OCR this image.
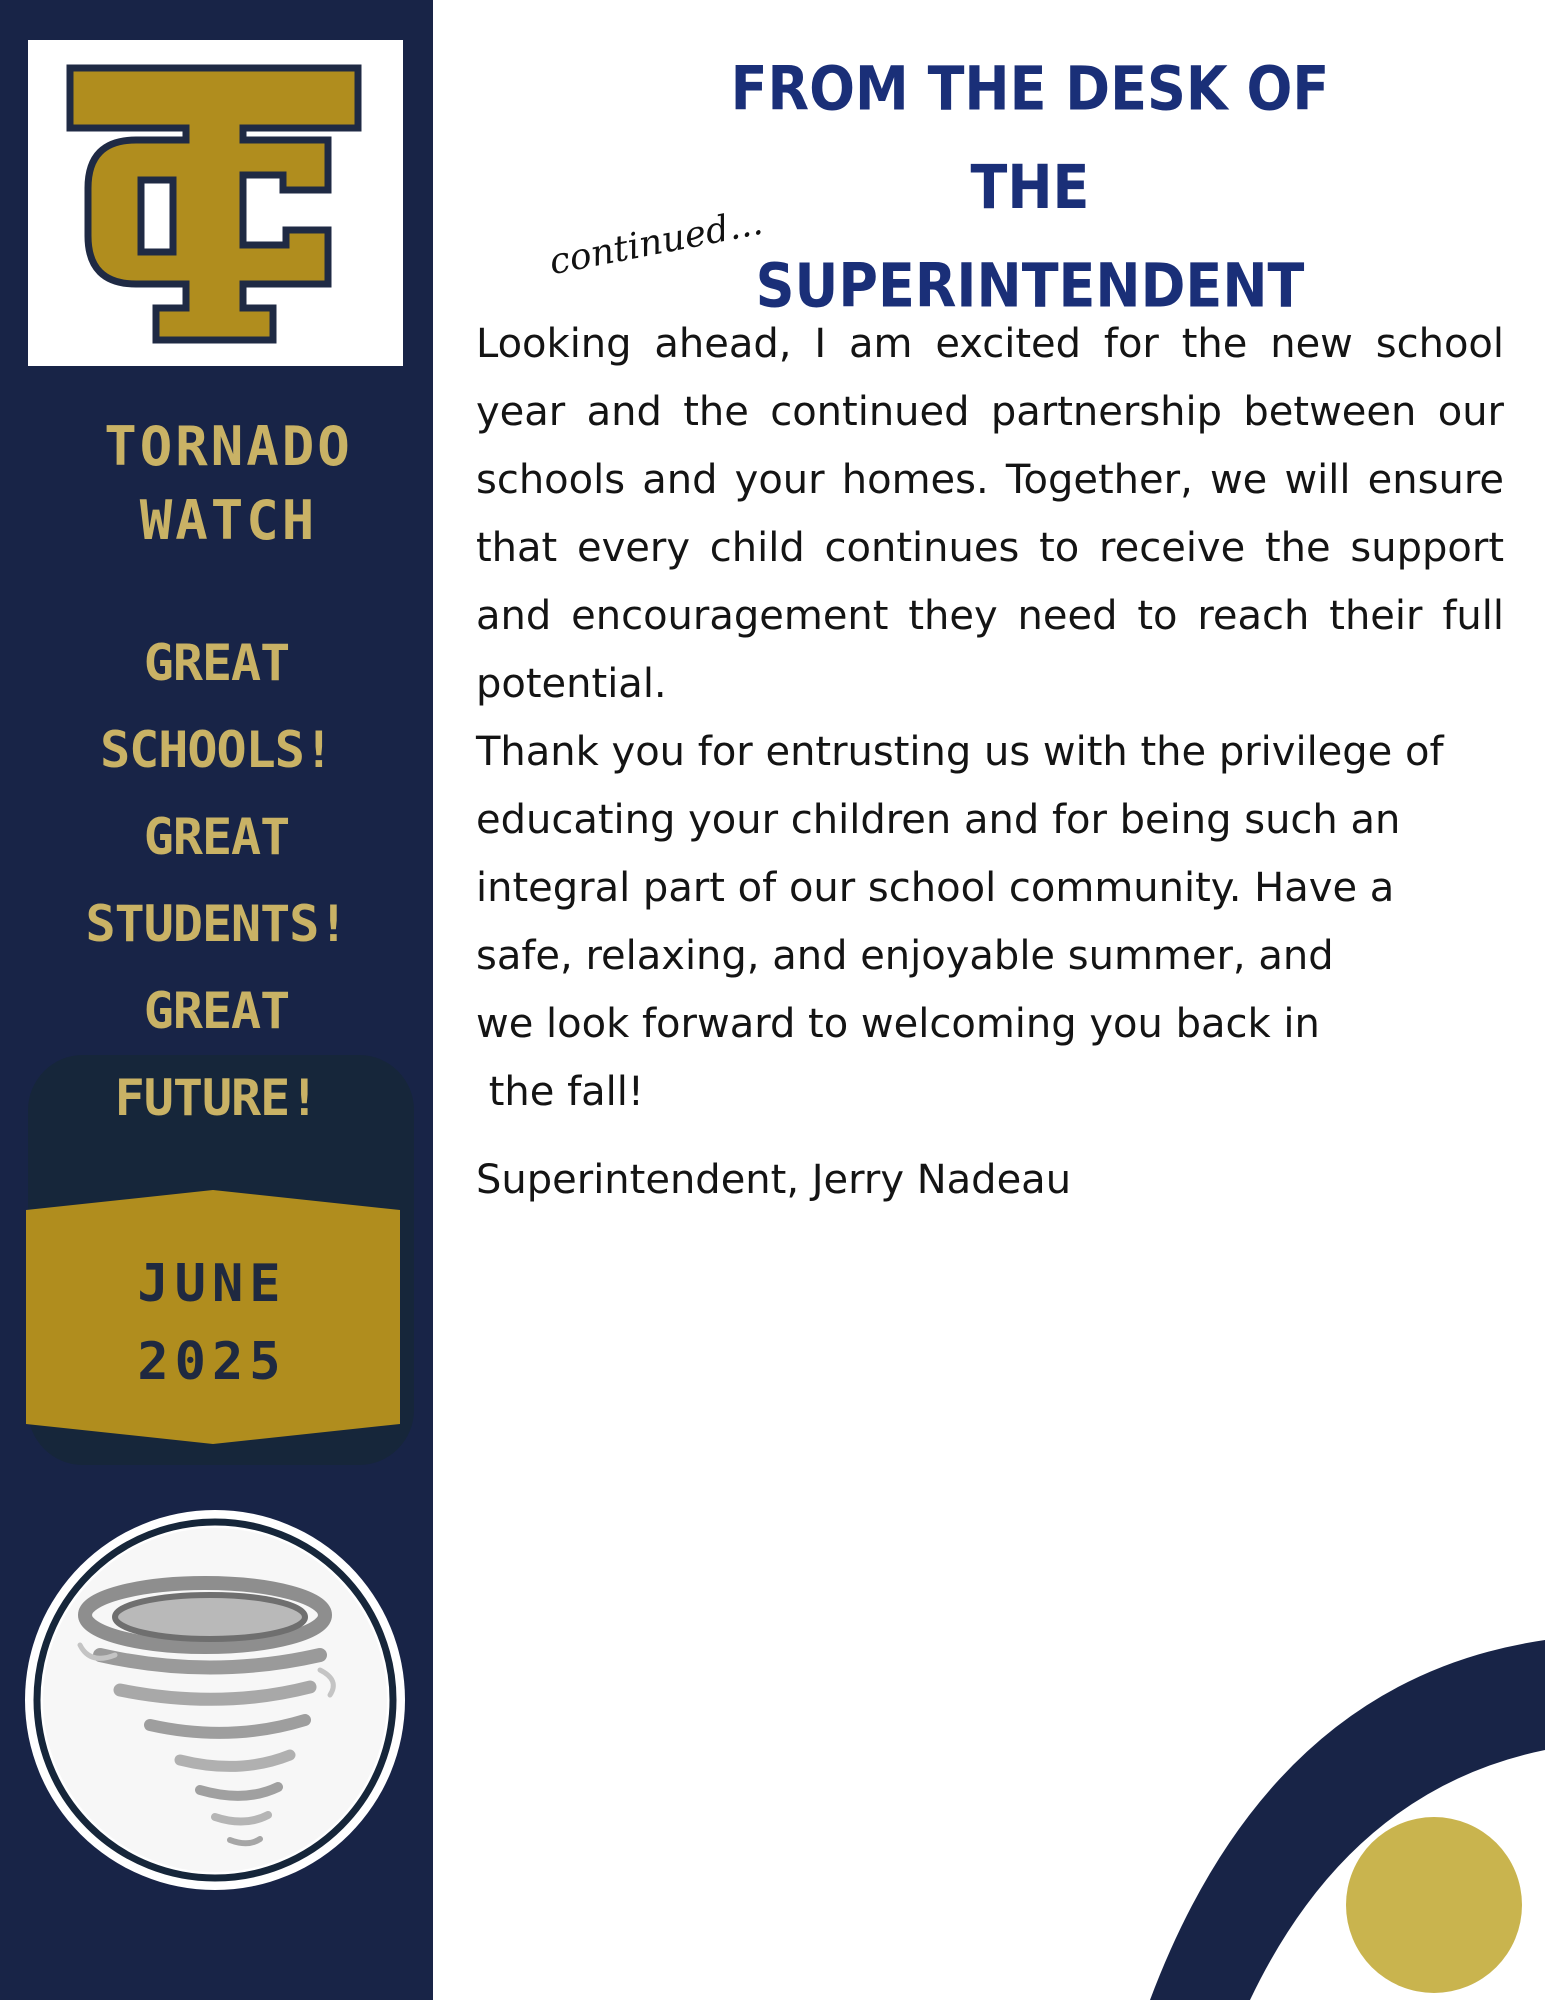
TORNADO
WATCH
GREAT
SCHOOLS!
GREAT
STUDENTS!
GREAT
FUTURE!
JUNE
2025
FROM THE DESK OF
THE SUPERINTENDENT
continued...

Looking ahead, I am excited for the new school year and the continued partnership between our schools and your homes. Together, we will ensure that every child continues to receive the support and encouragement they need to reach their full potential.

Thank you for entrusting us with the privilege of
educating your children and for being such an
integral part of our school community. Have a
safe, relaxing, and enjoyable summer, and
we look forward to welcoming you back in
the fall!

Superintendent, Jerry Nadeau
